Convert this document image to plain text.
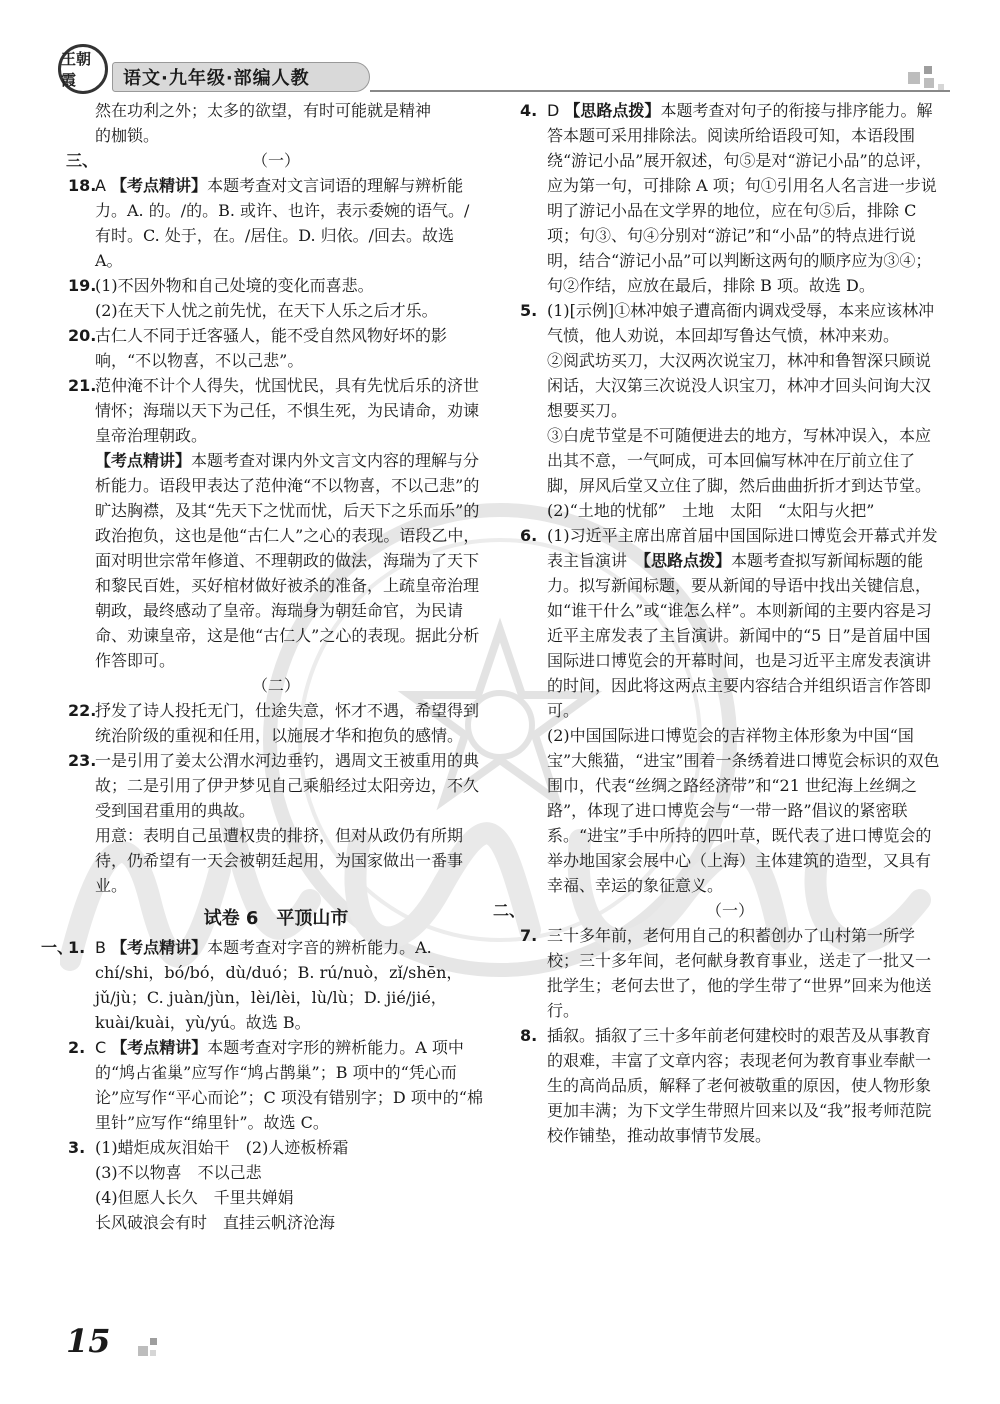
王朝霞	语文·九年级·部编人教

然在功利之外；太多的欲望，有时可能就是精神

的枷锁。

三、	（一）
18.
A 【考点精讲】本题考查对文言词语的理解与辨析能力。A. 的。/的。B. 或许、也许，表示委婉的语气。/有时。C. 处于，在。/居住。D. 归依。/回去。故选 A。
19.
(1)不因外物和自己处境的变化而喜悲。
(2)在天下人忧之前先忧，在天下人乐之后才乐。
20.
古仁人不同于迁客骚人，能不受自然风物好坏的影响，“不以物喜，不以己悲”。
21.
范仲淹不计个人得失，忧国忧民，具有先忧后乐的济世情怀；海瑞以天下为己任，不惧生死，为民请命，劝谏皇帝治理朝政。
【考点精讲】本题考查对课内外文言文内容的理解与分析能力。语段甲表达了范仲淹“不以物喜，不以己悲”的旷达胸襟，及其“先天下之忧而忧，后天下之乐而乐”的政治抱负，这也是他“古仁人”之心的表现。语段乙中，面对明世宗常年修道、不理朝政的做法，海瑞为了天下和黎民百姓，买好棺材做好被杀的准备，上疏皇帝治理朝政，最终感动了皇帝。海瑞身为朝廷命官，为民请命、劝谏皇帝，这是他“古仁人”之心的表现。据此分析作答即可。
（二）
22.
抒发了诗人投托无门，仕途失意，怀才不遇，希望得到统治阶级的重视和任用，以施展才华和抱负的感情。
23.
一是引用了姜太公渭水河边垂钓，遇周文王被重用的典故；二是引用了伊尹梦见自己乘船经过太阳旁边，不久受到国君重用的典故。
用意：表明自己虽遭权贵的排挤，但对从政仍有所期待，仍希望有一天会被朝廷起用，为国家做出一番事业。
试卷 6　平顶山市
一、
1. B 【考点精讲】本题考查对字音的辨析能力。A. chí/shi，bó/bó，dù/duó；B. rú/nuò，zǐ/shēn，jǔ/jù；C. juàn/jùn，lèi/lèi，lù/lù；D. jié/jié，kuài/kuài，yù/yú。故选 B。
2. C 【考点精讲】本题考查对字形的辨析能力。A 项中的“鸠占雀巢”应写作“鸠占鹊巢”；B 项中的“凭心而论”应写作“平心而论”；C 项没有错别字；D 项中的“棉里针”应写作“绵里针”。故选 C。
3. (1)蜡炬成灰泪始干　(2)人迹板桥霜
(3)不以物喜　不以己悲
(4)但愿人长久　千里共婵娟
长风破浪会有时　直挂云帆济沧海
4. D 【思路点拨】本题考查对句子的衔接与排序能力。解答本题可采用排除法。阅读所给语段可知，本语段围绕“游记小品”展开叙述，句⑤是对“游记小品”的总评，应为第一句，可排除 A 项；句①引用名人名言进一步说明了游记小品在文学界的地位，应在句⑤后，排除 C 项；句③、句④分别对“游记”和“小品”的特点进行说明，结合“游记小品”可以判断这两句的顺序应为③④；句②作结，应放在最后，排除 B 项。故选 D。
5. (1)[示例]①林冲娘子遭高衙内调戏受辱，本来应该林冲气愤，他人劝说，本回却写鲁达气愤，林冲来劝。
②阅武坊买刀，大汉两次说宝刀，林冲和鲁智深只顾说闲话，大汉第三次说没人识宝刀，林冲才回头问询大汉想要买刀。
③白虎节堂是不可随便进去的地方，写林冲误入，本应出其不意，一气呵成，可本回偏写林冲在厅前立住了脚，屏风后堂又立住了脚，然后曲曲折折才到达节堂。
(2)“土地的忧郁”　土地　太阳　“太阳与火把”
6. (1)习近平主席出席首届中国国际进口博览会开幕式并发表主旨演讲　 【思路点拨】本题考查拟写新闻标题的能力。拟写新闻标题，要从新闻的导语中找出关键信息，如“谁干什么”或“谁怎么样”。本则新闻的主要内容是习近平主席发表了主旨演讲。新闻中的“5 日”是首届中国国际进口博览会的开幕时间，也是习近平主席发表演讲的时间，因此将这两点主要内容结合并组织语言作答即可。
(2)中国国际进口博览会的吉祥物主体形象为中国“国宝”大熊猫，“进宝”围着一条绣着进口博览会标识的双色围巾，代表“丝绸之路经济带”和“21 世纪海上丝绸之路”，体现了进口博览会与“一带一路”倡议的紧密联系。“进宝”手中所持的四叶草，既代表了进口博览会的举办地国家会展中心（上海）主体建筑的造型，又具有幸福、幸运的象征意义。
二、	（一）
7. 三十多年前，老何用自己的积蓄创办了山村第一所学校；三十多年间，老何献身教育事业，送走了一批又一批学生；老何去世了，他的学生带了“世界”回来为他送行。
8. 插叙。插叙了三十多年前老何建校时的艰苦及从事教育的艰难，丰富了文章内容；表现老何为教育事业奉献一生的高尚品质，解释了老何被敬重的原因，使人物形象更加丰满；为下文学生带照片回来以及“我”报考师范院校作铺垫，推动故事情节发展。
15
